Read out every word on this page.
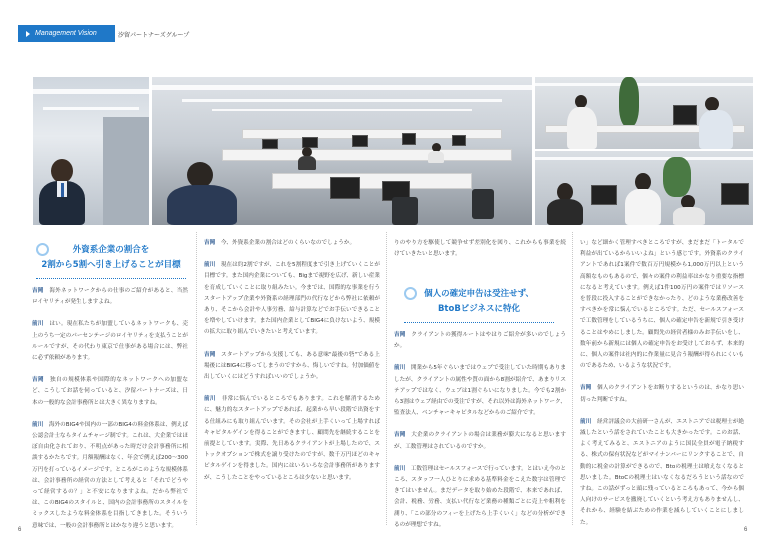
Management Vision	汐留パートナーズグループ
外資系企業の割合を
2割から5割へ引き上げることが目標

吉岡　 海外ネットワークからの仕事のご紹介があると、当然ロイヤリティが発生しますよね。

前川　 はい。現在私たちが加盟しているネットワークも、売上のうち一定のパーセンテージのロイヤリティを支払うことがルールですが、その代わり東京で仕事がある場合には、弊社に必ず依頼があります。

吉岡　 独自の規模体系や国際的なネットワークへの加盟など、こうしてお話を伺っていると、汐留パートナーズは、日本の一般的な会計事務所とは大きく異なりますね。

前川　 海外のBIG4や国内の一部のBIG4の料金体系は、例えば公認会計士ならタイムチャージ制です。これは、大企業ではほぼ自由化されており、不明点があった時だけ会計事務所に相談するかたちです。月額報酬はなく、年会で例えば200〜300万円を打っているイメージです。ところがこのような規模体系は、会計事務所の経営の方法として考えると「それでどうやって経営するの？」と不安になりますよね。だから弊社では、このBIG4のスタイルと、国内の会計事務所のスタイルをミックスしたような料金体系を目指してきました。そういう意味では、一般の会計事務所とはかなり違うと思います。

吉岡　 今、外資系企業の割合はどのくらいなのでしょうか。

前川　 現在は約2割ですが、これを5割程度まで引き上げていくことが目標です。また国内企業についても、Bigまで視野を広げ、新しい産業を育成していくことに取り組みたい。今までは、国際的な事業を行うスタートアップ企業や外資系の経理部門の代行などから弊社に依頼があり、そこから会計や人事労務、給与計算などでお手伝いできることを増やしていけます。また国内企業としてBIG4に負けないよう、規模の拡大に取り組んでいきたいと考えています。

吉岡　 スタートアップから支援しても、ある意味"最後の砦"である上場後にはBIG4に移ってしまうのですから、悔しいですね。付加価値を出していくにはどうすればいいのでしょうか。

前川　 非常に悩んでいるところでもあります。これを解消するために、魅力的なスタートアップであれば、起業から早い段階で出資をする仕組みにも取り組んでいます。その会社が上手くいって上場すればキャピタルゲインを得ることができますし、顧問先を継続することを前提としています。実際、先日あるクライアントが上場したので、ストックオプションで株式を譲り受けたのですが、数千万円ほどのキャピタルゲインを得ました。国内にはいろいろな会計事務所がありますが、こうしたことをやっているところは少ないと思います。

りのやり方を駆使して競争せず差別化を図り、これからも事業を続けていきたいと思います。

個人の確定申告は受注せず、
BtoBビジネスに特化

吉岡　 クライアントの獲得ルートはやはりご紹介が多いのでしょうか。

前川　 開業から5年ぐらいまではウェブで受注していた時期もありましたが、クライアントの属性や質の面から8割が紹介で、あまりリステアップではなく、ウェブは1割ぐらいになりました。今でも2割から3割はウェブ経由での受注ですが、それ以外は海外ネットワーク、監査法人、ベンチャーキャピタルなどからのご紹介です。

吉岡　 大企業のクライアントの場合は業務が膨大になると思いますが、工数管理はされているのですか。

前川　 工数管理はセールスフォースで行っています。とはいえ今のところ、スタッフ一人ひとりに求める基準料金をこえた数字は管理できてはいません。まだデータを取り始めた段階で、本来であれば、会計、税務、労務、支払い代行など業務の種類ごとに売上や粗利を測り、「この部分のフィーを上げたら上手くいく」などの分析ができるのが理想ですね。

い」など細かく管理すべきところですが、まだまだ「トータルで利益が出ているからいいよね」という感じです。外資系のクライアントであれば1案件で数百万円規模から1,000万円以上という高額なものもあるので、個々の案件の利益率はかなり重要な指標になると考えています。例えば1件100万円の案件ではリソースを普段に投入することができなかったり、どのような業務改善をすべきかを常に悩んでいるところです。ただ、セールスフォースで工数管理をしているうちに、個人の確定申告を新規で引き受けることはやめにしました。顧問先の経営者様のみお手伝いをし、数年前から新規には個人の確定申告をお受けしておらず、本来的に、個人の案件は社内的に作業量に見合う報酬が得られにくいものであるため、いるような状況です。

吉岡　 個人のクライアントをお断りするというのは、かなり思い切った判断ですね。

前川　 経営評議会の大前研一さんが、エストニアでは税理士が絶滅したという話をされていたことも大きかったです。このお話、よく考えてみると、エストニアのように国民全員が電子納税する、株式の保有状況などがマイナンバーにリンクすることで、自動的に税金の計算ができるので、Btoの税理士は喰えなくなると思いました。BtoCの税理士はいなくなるだろうという話なのですね。この話がずっと頭に残っているところもあって、今から個人向けのサービスを撤廃していくという考え方もありませんし、それから、経験を結ぶための作業を減らしていくことにしました。

6	6
